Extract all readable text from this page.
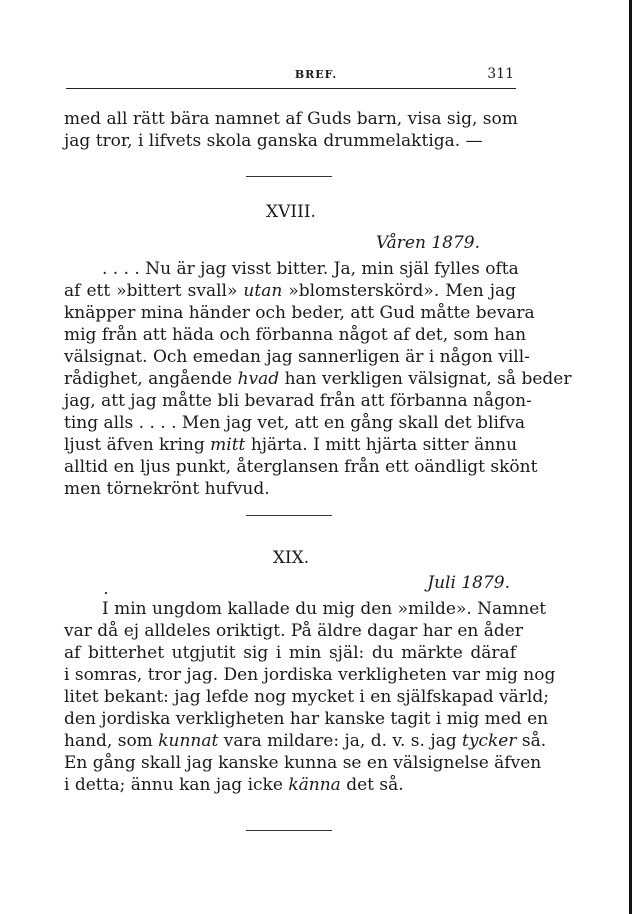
BREF.	311
med all rätt bära namnet af Guds barn, visa sig, som
jag tror, i lifvets skola ganska drummelaktiga. —
XVIII.
Våren 1879.
. . . . Nu är jag visst bitter. Ja, min själ fylles ofta
af ett »bittert svall» utan »blomsterskörd». Men jag
knäpper mina händer och beder, att Gud måtte bevara
mig från att häda och förbanna något af det, som han
välsignat. Och emedan jag sannerligen är i någon vill-
rådighet, angående hvad han verkligen välsignat, så beder
jag, att jag måtte bli bevarad från att förbanna någon-
ting alls . . . . Men jag vet, att en gång skall det blifva
ljust äfven kring mitt hjärta. I mitt hjärta sitter ännu
alltid en ljus punkt, återglansen från ett oändligt skönt
men törnekrönt hufvud.
XIX.
Juli 1879.
I min ungdom kallade du mig den »milde». Namnet
var då ej alldeles oriktigt. På äldre dagar har en åder
af bitterhet utgjutit sig i min själ: du märkte däraf
i somras, tror jag. Den jordiska verkligheten var mig nog
litet bekant: jag lefde nog mycket i en själfskapad värld;
den jordiska verkligheten har kanske tagit i mig med en
hand, som kunnat vara mildare: ja, d. v. s. jag tycker så.
En gång skall jag kanske kunna se en välsignelse äfven
i detta; ännu kan jag icke känna det så.
